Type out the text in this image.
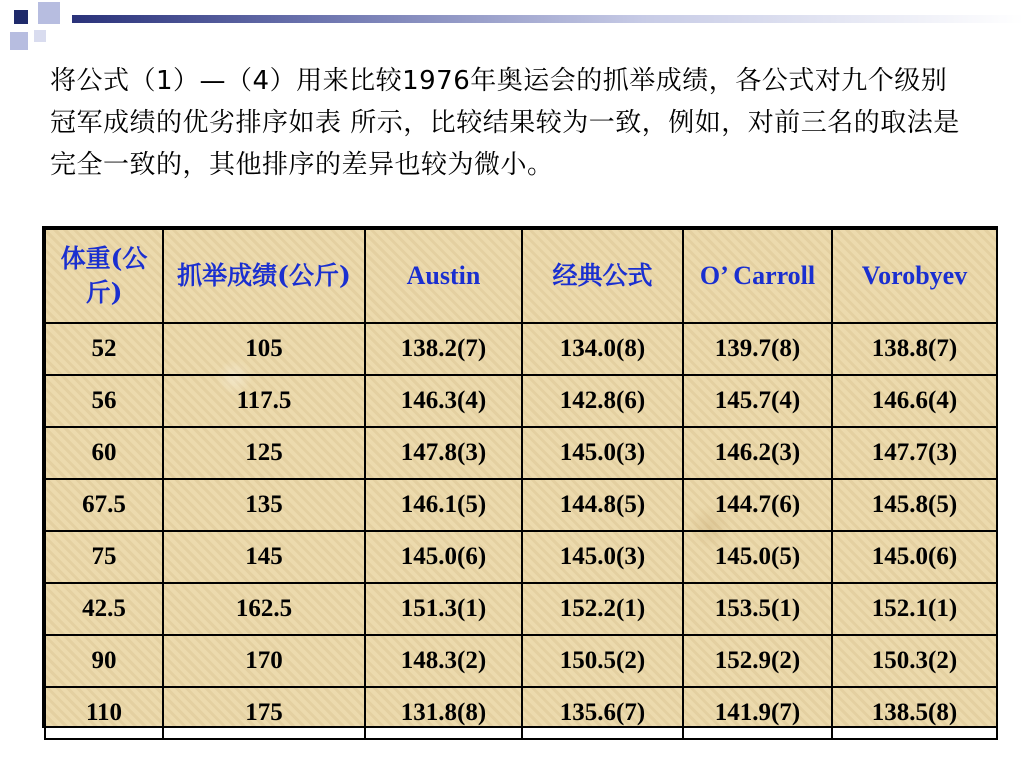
将公式（1）—（4）用来比较1976年奥运会的抓举成绩，各公式对九个级别冠军成绩的优劣排序如表 所示，比较结果较为一致，例如，对前三名的取法是完全一致的，其他排序的差异也较为微小。
体重(公斤)	抓举成绩(公斤)	Austin	经典公式	O’ Carroll	Vorobyev
52	105	138.2(7)	134.0(8)	139.7(8)	138.8(7)
56	117.5	146.3(4)	142.8(6)	145.7(4)	146.6(4)
60	125	147.8(3)	145.0(3)	146.2(3)	147.7(3)
67.5	135	146.1(5)	144.8(5)	144.7(6)	145.8(5)
75	145	145.0(6)	145.0(3)	145.0(5)	145.0(6)
42.5	162.5	151.3(1)	152.2(1)	153.5(1)	152.1(1)
90	170	148.3(2)	150.5(2)	152.9(2)	150.3(2)
110	175	131.8(8)	135.6(7)	141.9(7)	138.5(8)
